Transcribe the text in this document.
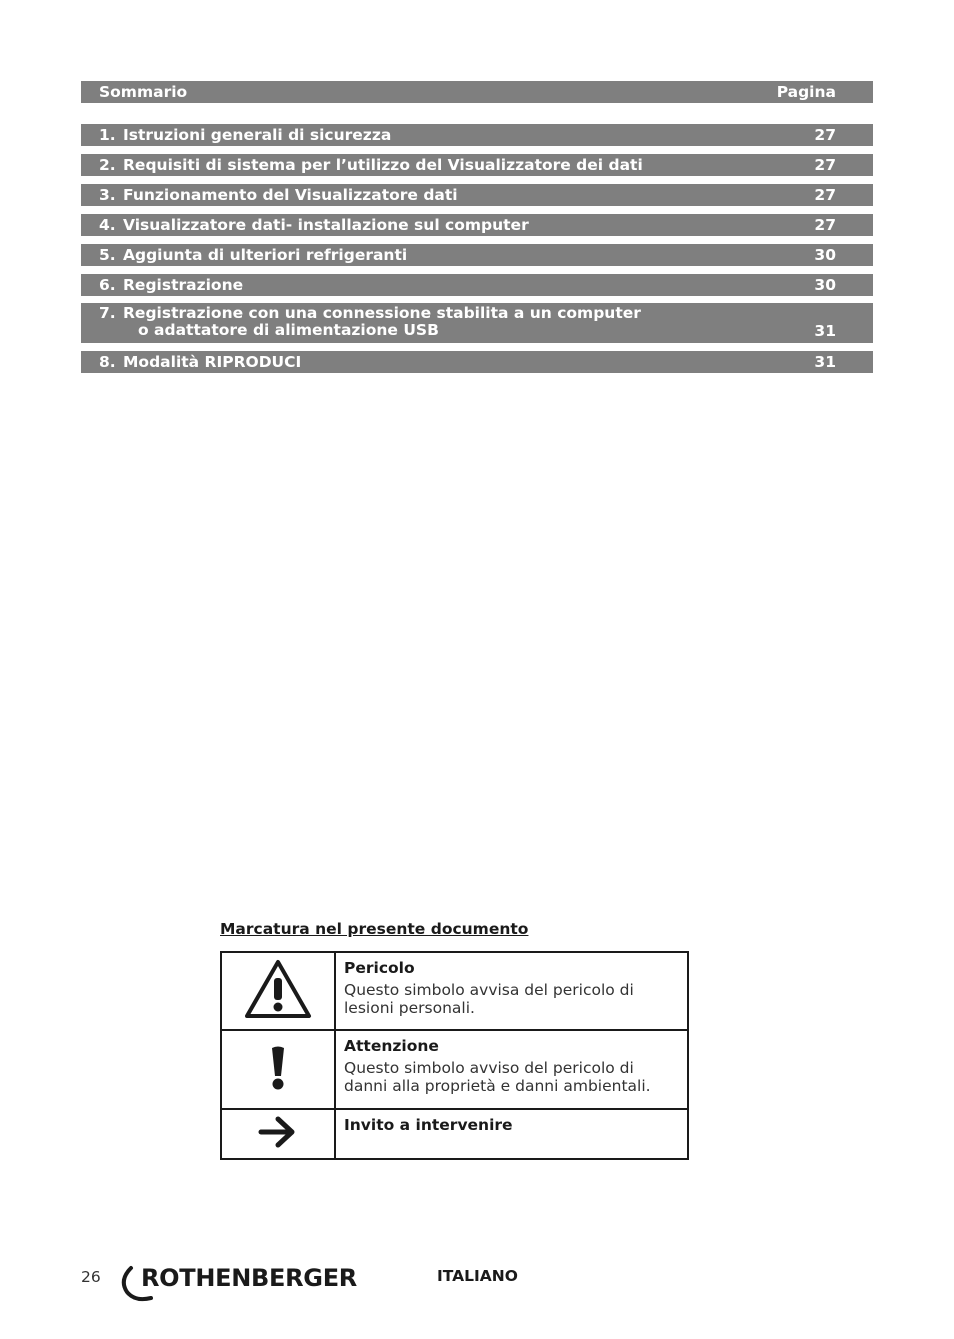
Sommario	Pagina
1. Istruzioni generali di sicurezza	27
2. Requisiti di sistema per l’utilizzo del Visualizzatore dei dati	27
3. Funzionamento del Visualizzatore dati	27
4. Visualizzatore dati- installazione sul computer	27
5. Aggiunta di ulteriori refrigeranti	30
6. Registrazione	30
7. Registrazione con una connessione stabilita a un computer
o adattatore di alimentazione USB	31
8. Modalità RIPRODUCI	31
Marcatura nel presente documento

Pericolo
Questo simbolo avvisa del pericolo di lesioni personali.

Attenzione
Questo simbolo avviso del pericolo di danni alla proprietà e danni ambientali.

Invito a intervenire
26 ROTHENBERGER	ITALIANO
